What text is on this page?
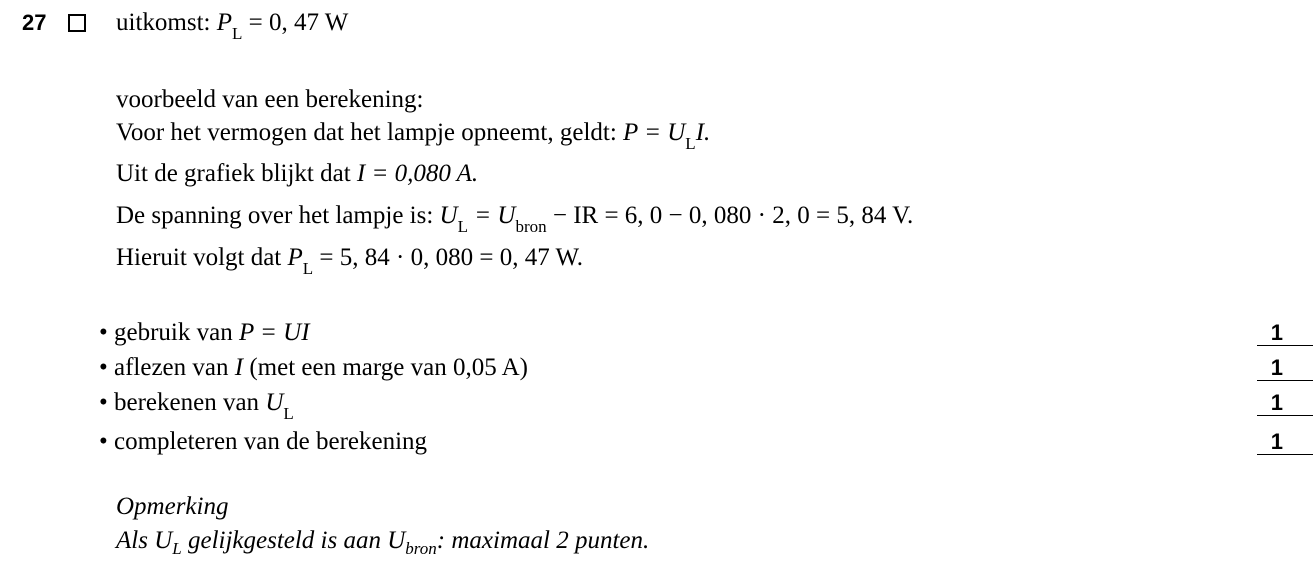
27	uitkomst: $P_L = 0$, 47 W
voorbeeld van een berekening:
Voor het vermogen dat het lampje opneemt, geldt: $P = U_LI$.
Uit de grafiek blijkt dat I = 0,080 A.
De spanning over het lampje is: $U_L = U_{bron}$ − IR = 6, 0 − 0, 080 · 2, 0 = 5, 84 V.
Hieruit volgt dat $P_L = 5$, 84 · 0, 080 = 0, 47 W.
• gebruik van P = UI	1
• aflezen van I (met een marge van 0,05 A)	1
• berekenen van $U_L$	1
• completeren van de berekening	1
Opmerking
Als $U_L$ gelijkgesteld is aan $U_{bron}$: maximaal 2 punten.
